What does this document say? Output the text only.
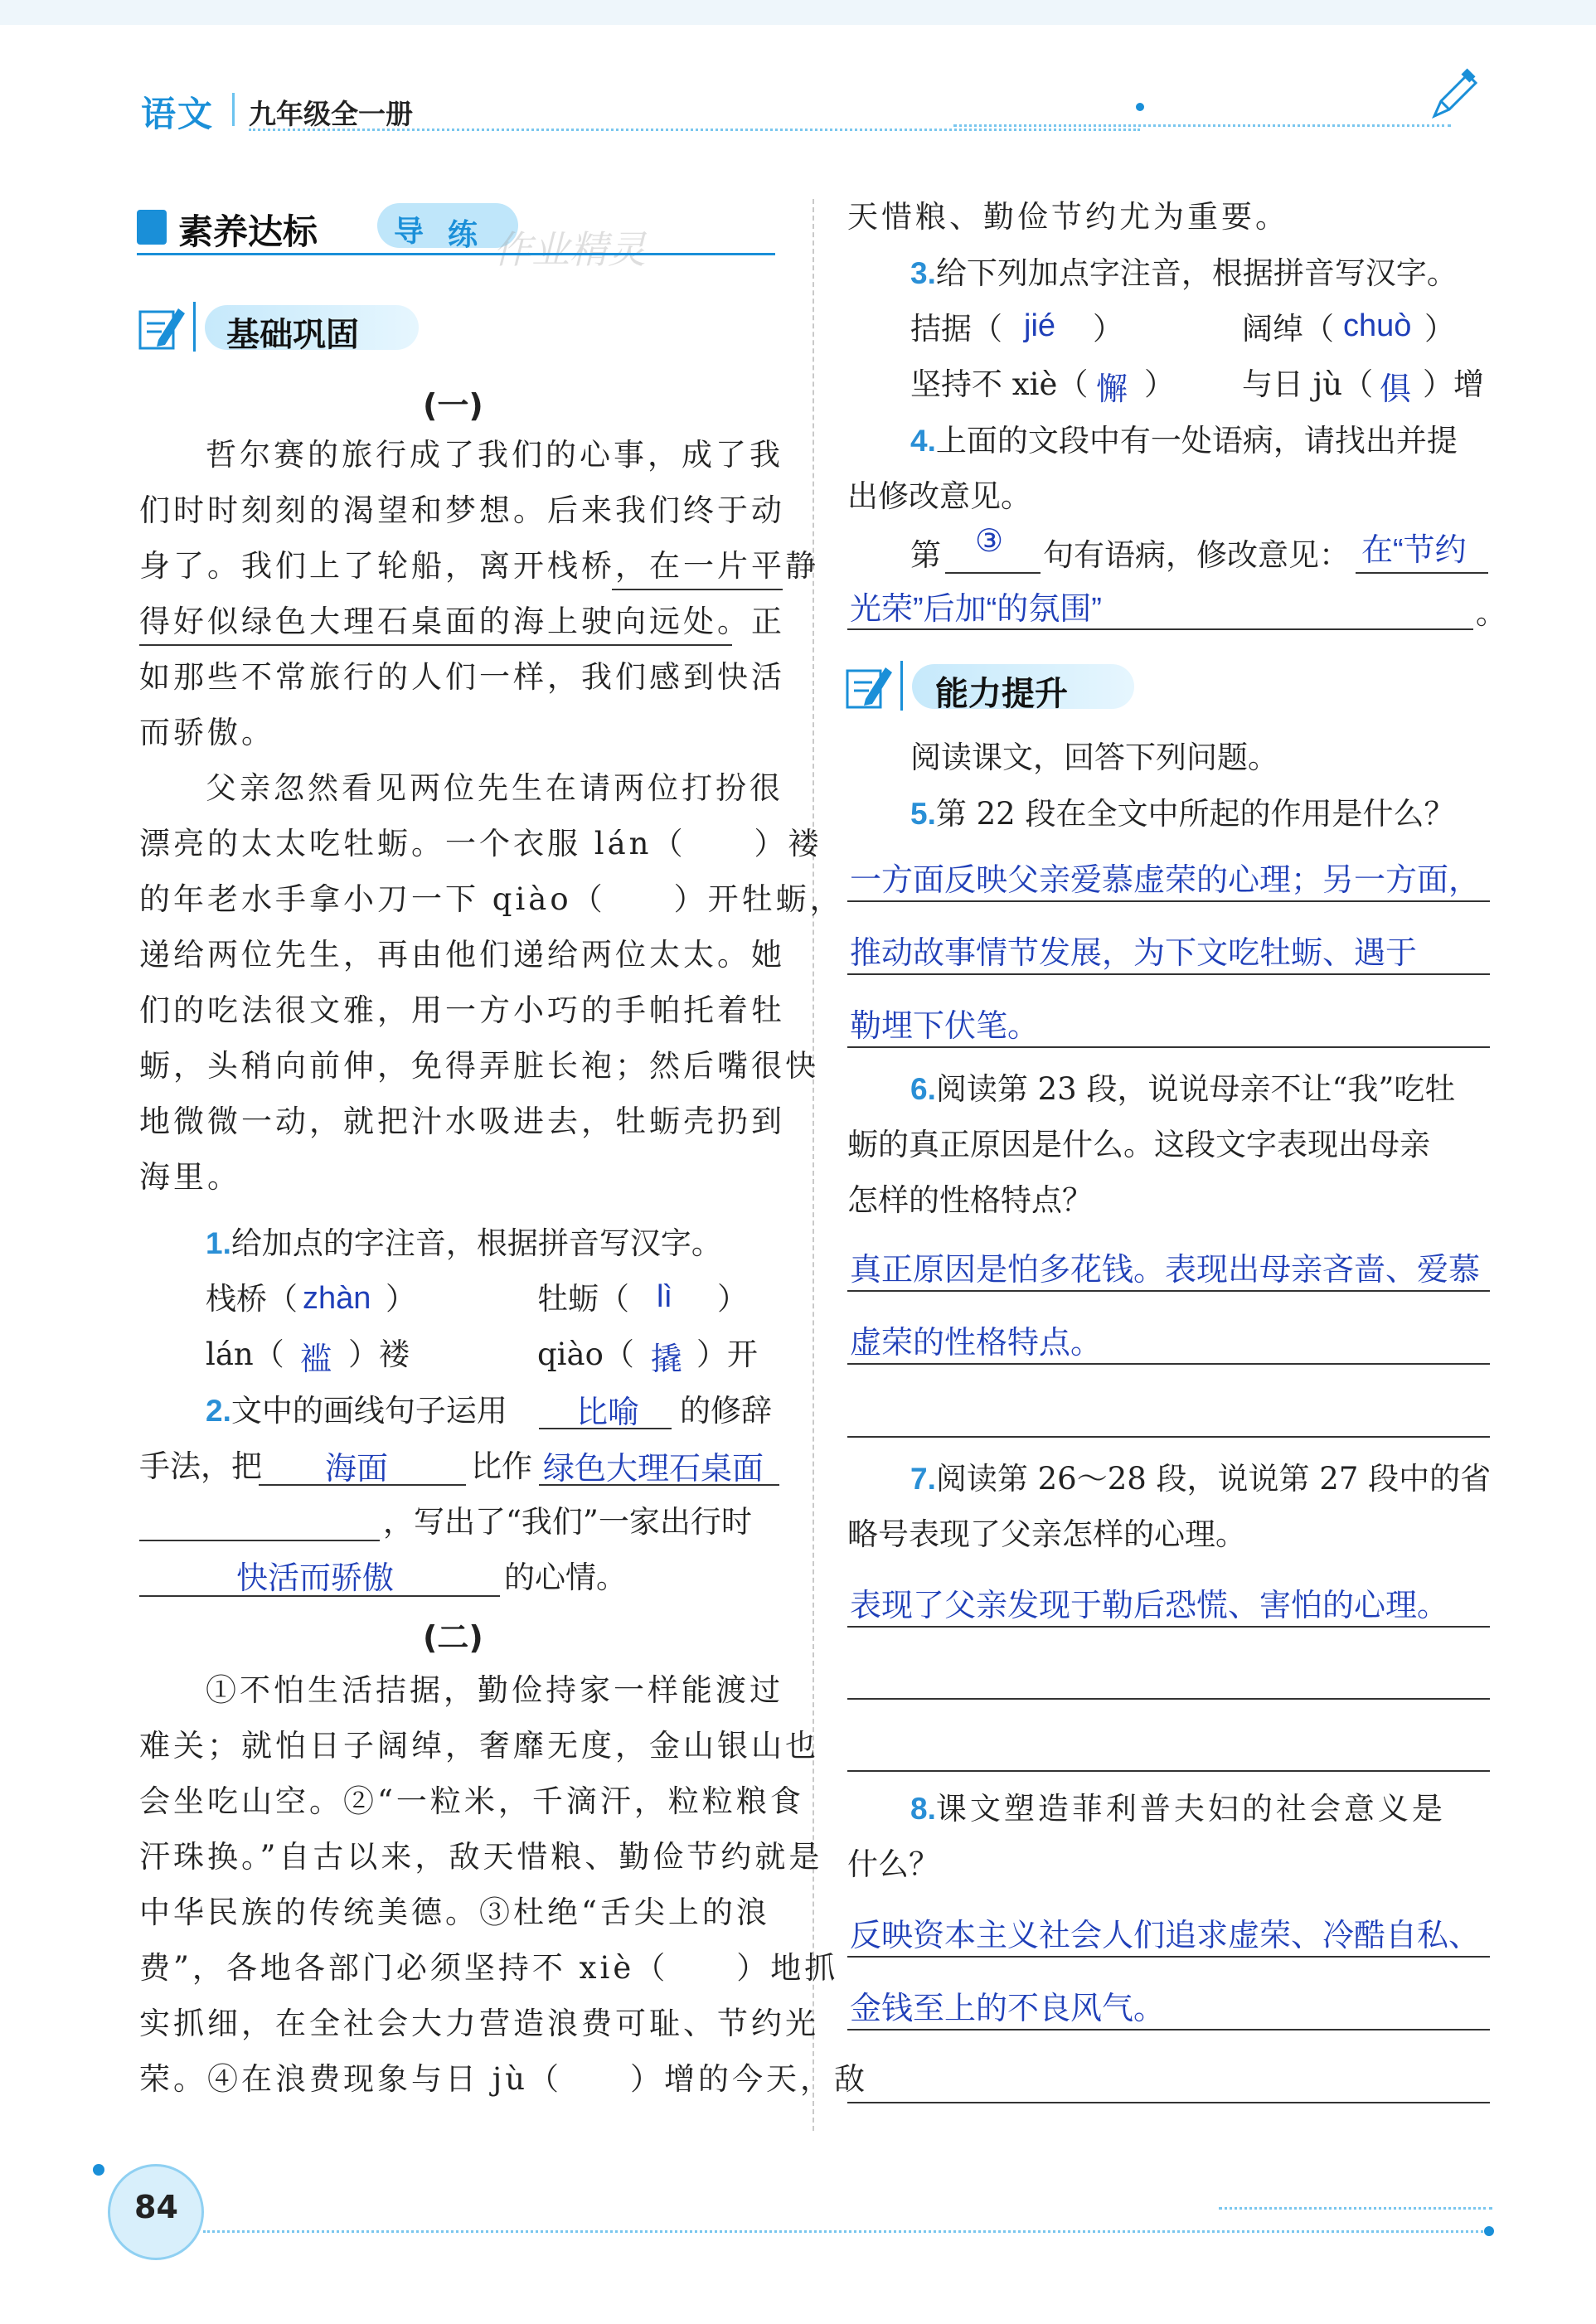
语文 九年级全一册
素养达标	导 练 作业精灵
基础巩固
(一)
哲尔赛的旅行成了我们的心事，成了我
们时时刻刻的渴望和梦想。后来我们终于动
身了。我们上了轮船，离开栈桥，在一片平静
得好似绿色大理石桌面的海上驶向远处。正
如那些不常旅行的人们一样，我们感到快活
而骄傲。
父亲忽然看见两位先生在请两位打扮很
漂亮的太太吃牡蛎。一个衣服 lán（　　）褛
的年老水手拿小刀一下 qiào（　　）开牡蛎，
递给两位先生，再由他们递给两位太太。她
们的吃法很文雅，用一方小巧的手帕托着牡
蛎，头稍向前伸，免得弄脏长袍；然后嘴很快
地微微一动，就把汁水吸进去，牡蛎壳扔到
海里。
1.给加点的字注音，根据拼音写汉字。
栈桥（ zhàn ）	牡蛎（ lì ）
lán（ 褴 ）褛	qiào（ 撬 ）开
2.文中的画线句子运用 比喻 的修辞
手法，把 海面	比作 绿色大理石桌面
，写出了“我们”一家出行时
快活而骄傲	的心情。
(二)
①不怕生活拮据，勤俭持家一样能渡过
难关；就怕日子阔绰，奢靡无度，金山银山也
会坐吃山空。②“一粒米，千滴汗，粒粒粮食
汗珠换。”自古以来，敌天惜粮、勤俭节约就是
中华民族的传统美德。③杜绝“舌尖上的浪
费”，各地各部门必须坚持不 xiè（　　）地抓
实抓细，在全社会大力营造浪费可耻、节约光
荣。④在浪费现象与日 jù（　　）增的今天，敌
天惜粮、勤俭节约尤为重要。
3.给下列加点字注音，根据拼音写汉字。
拮据（ jié ）	阔绰（ chuò ）
坚持不 xiè（ 懈 ） 与日 jù（ 俱 ）增
4.上面的文段中有一处语病，请找出并提
出修改意见。
第 ③ 句有语病，修改意见： 在“节约
光荣”后加“的氛围”	。
能力提升
阅读课文，回答下列问题。
5.第 22 段在全文中所起的作用是什么？
一方面反映父亲爱慕虚荣的心理；另一方面，
推动故事情节发展，为下文吃牡蛎、遇于
勒埋下伏笔。
6.阅读第 23 段，说说母亲不让“我”吃牡
蛎的真正原因是什么。这段文字表现出母亲
怎样的性格特点？
真正原因是怕多花钱。表现出母亲吝啬、爱慕
虚荣的性格特点。
7.阅读第 26～28 段，说说第 27 段中的省
略号表现了父亲怎样的心理。
表现了父亲发现于勒后恐慌、害怕的心理。
8.课文塑造菲利普夫妇的社会意义是
什么？
反映资本主义社会人们追求虚荣、冷酷自私、
金钱至上的不良风气。
84
